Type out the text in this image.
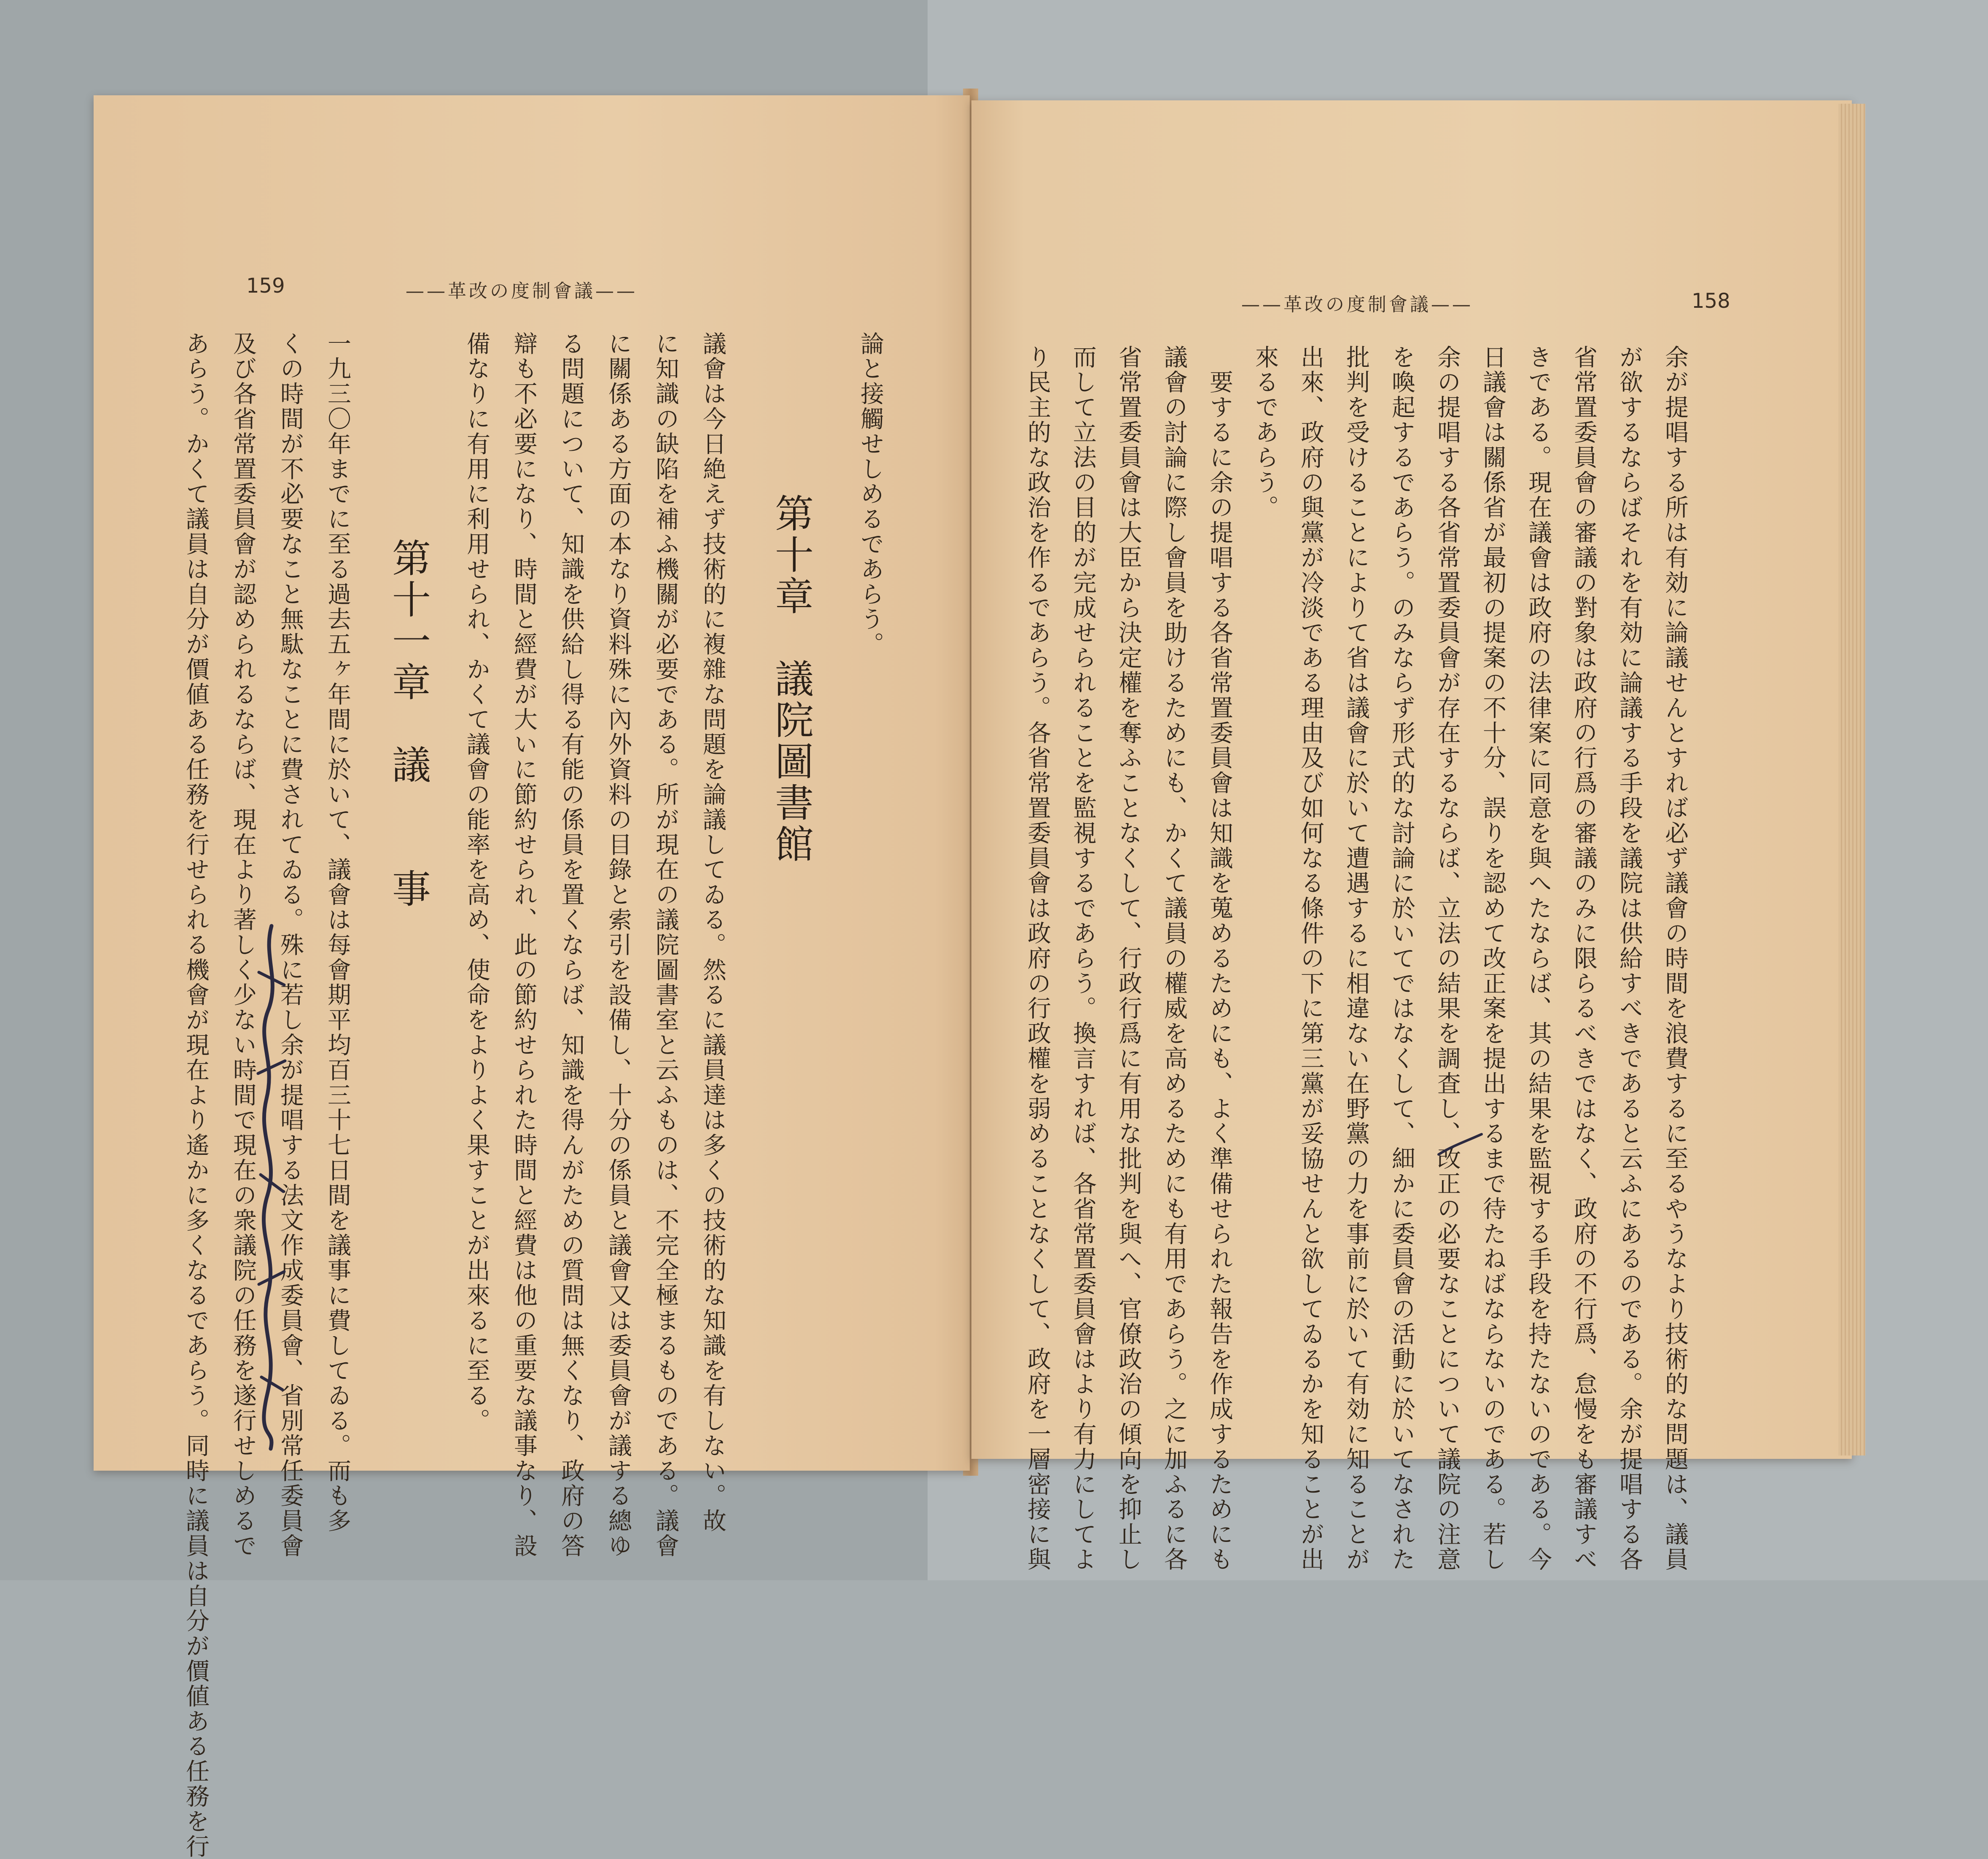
159	——革改の度制會議——
論と接觸せしめるであらう。
第十章　議院圖書館
議會は今日絶えず技術的に複雜な問題を論議してゐる。然るに議員達は多くの技術的な知識を有しない。故
に知識の缺陷を補ふ機關が必要である。所が現在の議院圖書室と云ふものは、不完全極まるものである。議會
に關係ある方面の本なり資料殊に內外資料の目錄と索引を設備し、十分の係員と議會又は委員會が議する總ゆ
る問題について、知識を供給し得る有能の係員を置くならば、知識を得んがための質問は無くなり、政府の答
辯も不必要になり、時間と經費が大いに節約せられ、此の節約せられた時間と經費は他の重要な議事なり、設
備なりに有用に利用せられ、かくて議會の能率を高め、使命をよりよく果すことが出來るに至る。
第十一章　議　　事
一九三〇年までに至る過去五ヶ年間に於いて、議會は每會期平均百三十七日間を議事に費してゐる。而も多
くの時間が不必要なこと無駄なことに費されてゐる。殊に若し余が提唱する法文作成委員會、省別常任委員會
及び各省常置委員會が認められるならば、現在より著しく少ない時間で現在の衆議院の任務を遂行せしめるで
あらう。かくて議員は自分が價値ある任務を行せられる機會が現在より遙かに多くなるであらう。同時に議員は自分が價値ある任務を行
158
——革改の度制會議——
余が提唱する所は有効に論議せんとすれば必ず議會の時間を浪費するに至るやうなより技術的な問題は、議員
が欲するならばそれを有効に論議する手段を議院は供給すべきであると云ふにあるのである。余が提唱する各
省常置委員會の審議の對象は政府の行爲の審議のみに限らるべきではなく、政府の不行爲、怠慢をも審議すべ
きである。現在議會は政府の法律案に同意を與へたならば、其の結果を監視する手段を持たないのである。今
日議會は關係省が最初の提案の不十分、誤りを認めて改正案を提出するまで待たねばならないのである。若し
余の提唱する各省常置委員會が存在するならば、立法の結果を調査し、改正の必要なことについて議院の注意
を喚起するであらう。のみならず形式的な討論に於いてではなくして、細かに委員會の活動に於いてなされた
批判を受けることによりて省は議會に於いて遭遇するに相違ない在野黨の力を事前に於いて有効に知ることが
出來、政府の與黨が冷淡である理由及び如何なる條件の下に第三黨が妥協せんと欲してゐるかを知ることが出
來るであらう。
　要するに余の提唱する各省常置委員會は知識を蒐めるためにも、よく準備せられた報告を作成するためにも
議會の討論に際し會員を助けるためにも、かくて議員の權威を高めるためにも有用であらう。之に加ふるに各
省常置委員會は大臣から決定權を奪ふことなくして、行政行爲に有用な批判を與へ、官僚政治の傾向を抑止し
而して立法の目的が完成せられることを監視するであらう。換言すれば、各省常置委員會はより有力にしてよ
り民主的な政治を作るであらう。各省常置委員會は政府の行政權を弱めることなくして、政府を一層密接に與
